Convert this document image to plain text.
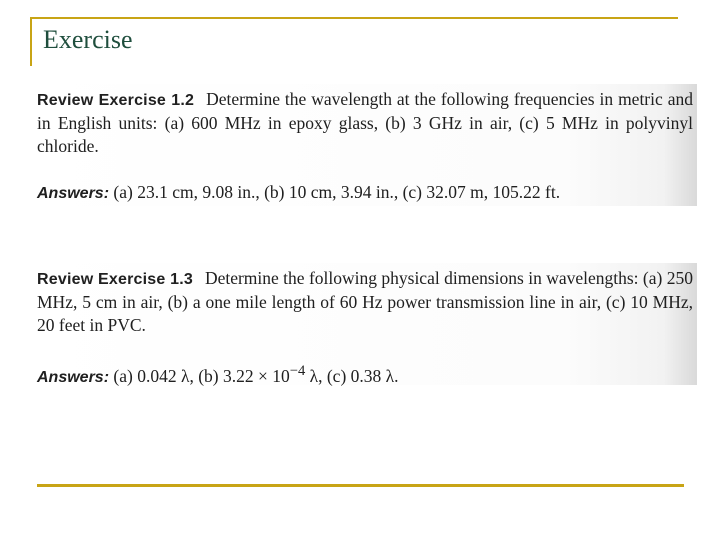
Exercise
Review Exercise 1.2 Determine the wavelength at the following frequencies in metric and in English units: (a) 600 MHz in epoxy glass, (b) 3 GHz in air, (c) 5 MHz in polyvinyl chloride.
Answers: (a) 23.1 cm, 9.08 in., (b) 10 cm, 3.94 in., (c) 32.07 m, 105.22 ft.
Review Exercise 1.3 Determine the following physical dimensions in wavelengths: (a) 250 MHz, 5 cm in air, (b) a one mile length of 60 Hz power transmission line in air, (c) 10 MHz, 20 feet in PVC.
Answers: (a) 0.042 λ, (b) $3.22 \times 10^{-4}$ λ, (c) 0.38 λ.
